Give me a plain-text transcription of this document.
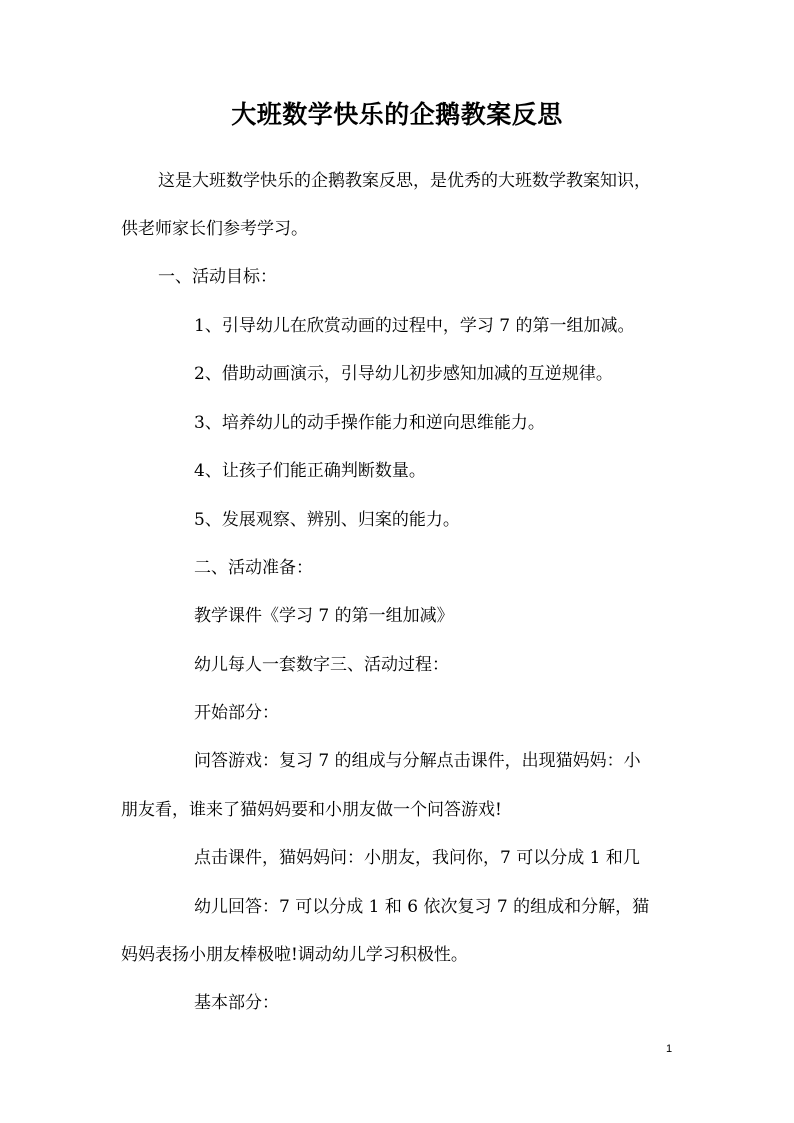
大班数学快乐的企鹅教案反思
这是大班数学快乐的企鹅教案反思，是优秀的大班数学教案知识，
供老师家长们参考学习。
一、活动目标：
1、引导幼儿在欣赏动画的过程中，学习 7 的第一组加减。
2、借助动画演示，引导幼儿初步感知加减的互逆规律。
3、培养幼儿的动手操作能力和逆向思维能力。
4、让孩子们能正确判断数量。
5、发展观察、辨别、归案的能力。
二、活动准备：
教学课件《学习 7 的第一组加减》
幼儿每人一套数字三、活动过程：
开始部分：
问答游戏：复习 7 的组成与分解点击课件，出现猫妈妈：小
朋友看，谁来了猫妈妈要和小朋友做一个问答游戏!
点击课件，猫妈妈问：小朋友，我问你，7 可以分成 1 和几
幼儿回答：7 可以分成 1 和 6 依次复习 7 的组成和分解，猫
妈妈表扬小朋友棒极啦!调动幼儿学习积极性。
基本部分：
1
